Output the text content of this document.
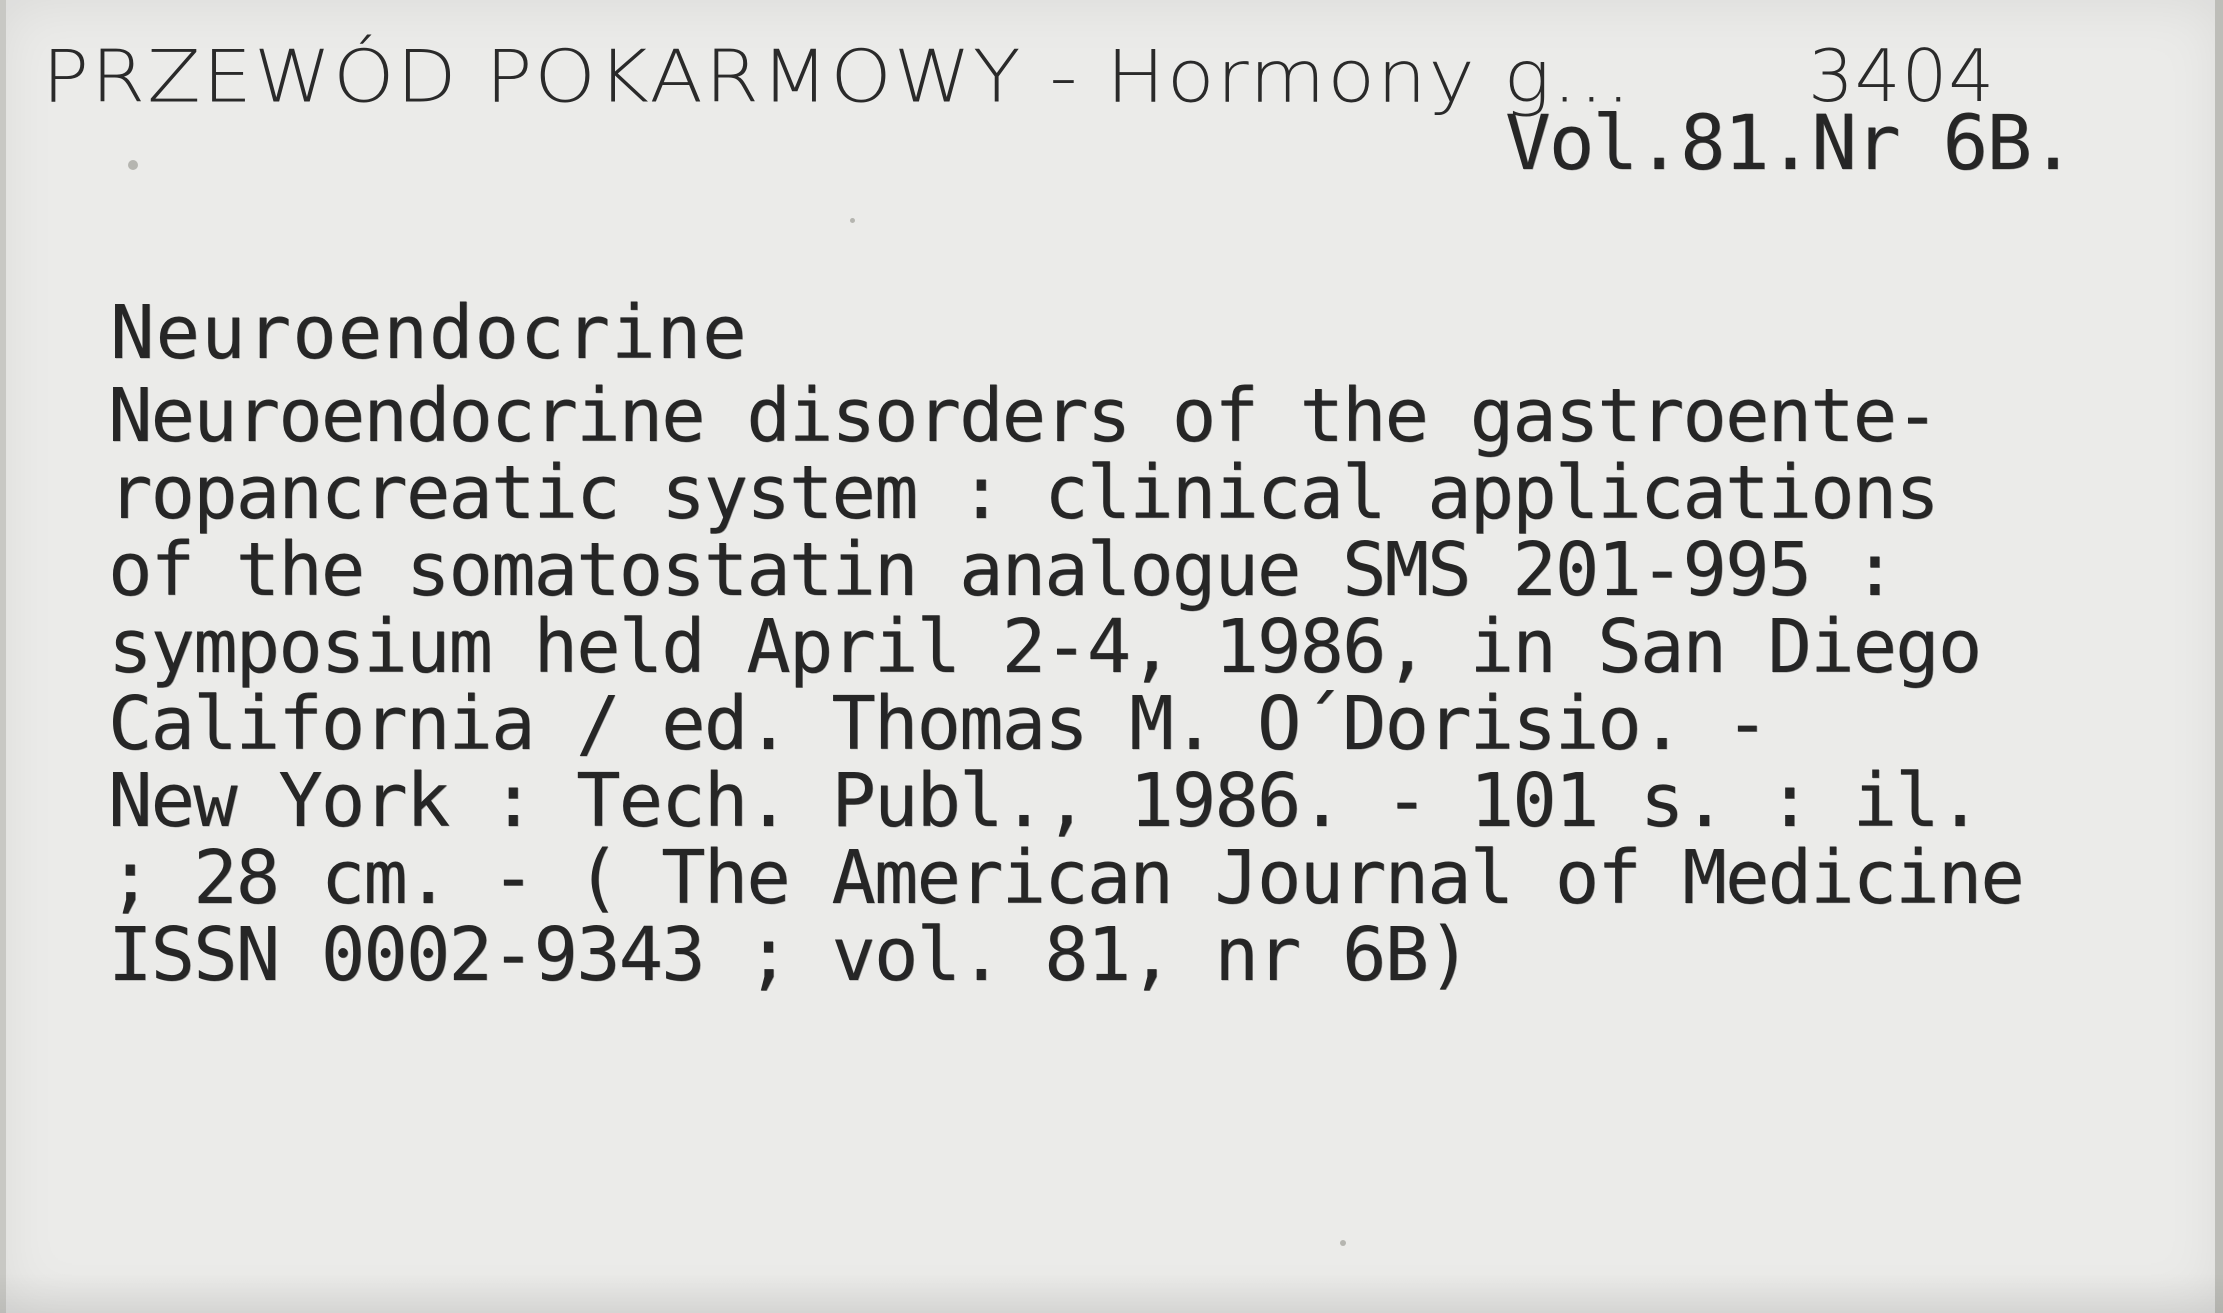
PRZEWÓD POKARMOWY - Hormony g... 3404
Vol.81.Nr 6B.
Neuroendocrine
Neuroendocrine disorders of the gastroente-
ropancreatic system : clinical applications
of the somatostatin analogue SMS 201-995 :
symposium held April 2-4, 1986, in San Diego
California / ed. Thomas M. O´Dorisio. -
New York : Tech. Publ., 1986. - 101 s. : il.
; 28 cm. - ( The American Journal of Medicine
ISSN 0002-9343 ; vol. 81, nr 6B)
